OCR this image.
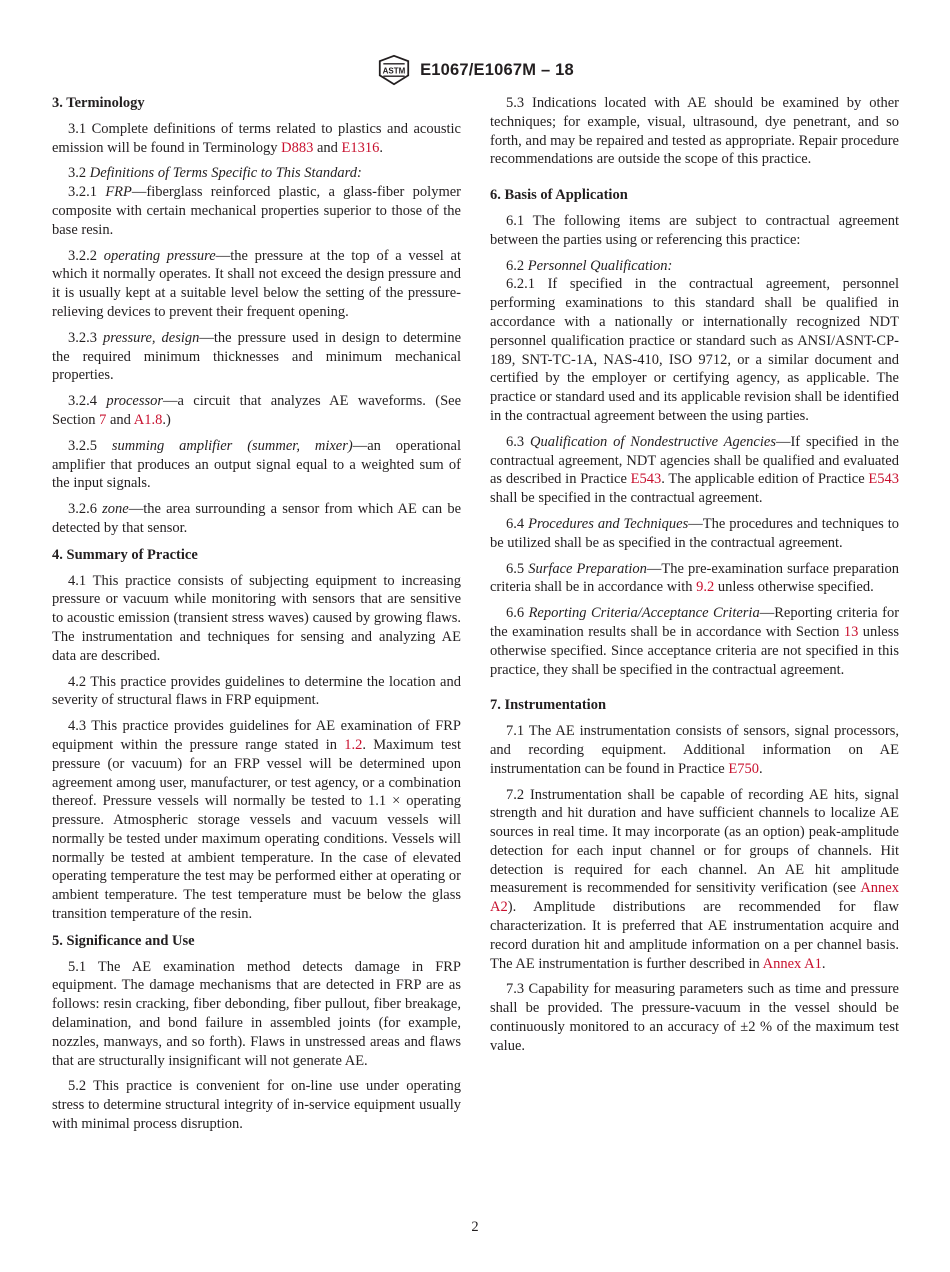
ASTM E1067/E1067M – 18
3. Terminology

3.1 Complete definitions of terms related to plastics and acoustic emission will be found in Terminology D883 and E1316.

3.2 Definitions of Terms Specific to This Standard:

3.2.1 FRP—fiberglass reinforced plastic, a glass-fiber polymer composite with certain mechanical properties superior to those of the base resin.

3.2.2 operating pressure—the pressure at the top of a vessel at which it normally operates. It shall not exceed the design pressure and it is usually kept at a suitable level below the setting of the pressure-relieving devices to prevent their frequent opening.

3.2.3 pressure, design—the pressure used in design to determine the required minimum thicknesses and minimum mechanical properties.

3.2.4 processor—a circuit that analyzes AE waveforms. (See Section 7 and A1.8.)

3.2.5 summing amplifier (summer, mixer)—an operational amplifier that produces an output signal equal to a weighted sum of the input signals.

3.2.6 zone—the area surrounding a sensor from which AE can be detected by that sensor.

4. Summary of Practice

4.1 This practice consists of subjecting equipment to increasing pressure or vacuum while monitoring with sensors that are sensitive to acoustic emission (transient stress waves) caused by growing flaws. The instrumentation and techniques for sensing and analyzing AE data are described.

4.2 This practice provides guidelines to determine the location and severity of structural flaws in FRP equipment.

4.3 This practice provides guidelines for AE examination of FRP equipment within the pressure range stated in 1.2. Maximum test pressure (or vacuum) for an FRP vessel will be determined upon agreement among user, manufacturer, or test agency, or a combination thereof. Pressure vessels will normally be tested to 1.1 × operating pressure. Atmospheric storage vessels and vacuum vessels will normally be tested under maximum operating conditions. Vessels will normally be tested at ambient temperature. In the case of elevated operating temperature the test may be performed either at operating or ambient temperature. The test temperature must be below the glass transition temperature of the resin.

5. Significance and Use

5.1 The AE examination method detects damage in FRP equipment. The damage mechanisms that are detected in FRP are as follows: resin cracking, fiber debonding, fiber pullout, fiber breakage, delamination, and bond failure in assembled joints (for example, nozzles, manways, and so forth). Flaws in unstressed areas and flaws that are structurally insignificant will not generate AE.

5.2 This practice is convenient for on-line use under operating stress to determine structural integrity of in-service equipment usually with minimal process disruption.

5.3 Indications located with AE should be examined by other techniques; for example, visual, ultrasound, dye penetrant, and so forth, and may be repaired and tested as appropriate. Repair procedure recommendations are outside the scope of this practice.

6. Basis of Application

6.1 The following items are subject to contractual agreement between the parties using or referencing this practice:

6.2 Personnel Qualification:

6.2.1 If specified in the contractual agreement, personnel performing examinations to this standard shall be qualified in accordance with a nationally or internationally recognized NDT personnel qualification practice or standard such as ANSI/ASNT-CP-189, SNT-TC-1A, NAS-410, ISO 9712, or a similar document and certified by the employer or certifying agency, as applicable. The practice or standard used and its applicable revision shall be identified in the contractual agreement between the using parties.

6.3 Qualification of Nondestructive Agencies—If specified in the contractual agreement, NDT agencies shall be qualified and evaluated as described in Practice E543. The applicable edition of Practice E543 shall be specified in the contractual agreement.

6.4 Procedures and Techniques—The procedures and techniques to be utilized shall be as specified in the contractual agreement.

6.5 Surface Preparation—The pre-examination surface preparation criteria shall be in accordance with 9.2 unless otherwise specified.

6.6 Reporting Criteria/Acceptance Criteria—Reporting criteria for the examination results shall be in accordance with Section 13 unless otherwise specified. Since acceptance criteria are not specified in this practice, they shall be specified in the contractual agreement.

7. Instrumentation

7.1 The AE instrumentation consists of sensors, signal processors, and recording equipment. Additional information on AE instrumentation can be found in Practice E750.

7.2 Instrumentation shall be capable of recording AE hits, signal strength and hit duration and have sufficient channels to localize AE sources in real time. It may incorporate (as an option) peak-amplitude detection for each input channel or for groups of channels. Hit detection is required for each channel. An AE hit amplitude measurement is recommended for sensitivity verification (see Annex A2). Amplitude distributions are recommended for flaw characterization. It is preferred that AE instrumentation acquire and record duration hit and amplitude information on a per channel basis. The AE instrumentation is further described in Annex A1.

7.3 Capability for measuring parameters such as time and pressure shall be provided. The pressure-vacuum in the vessel should be continuously monitored to an accuracy of ±2 % of the maximum test value.

2
